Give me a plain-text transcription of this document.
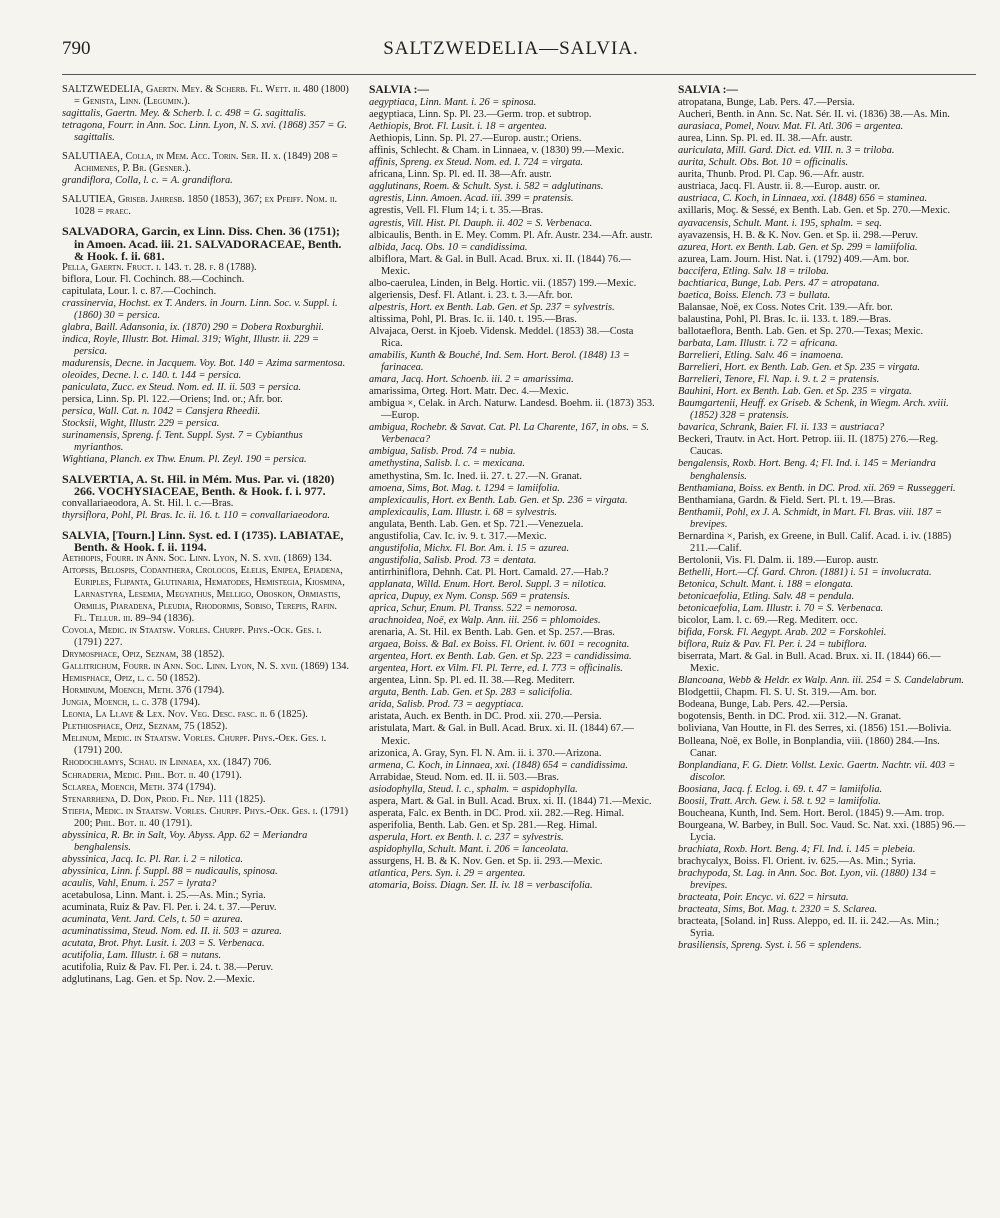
790	SALTZWEDELIA—SALVIA.
SALTZWEDELIA, Gaertn. Mey. & Scherb. Fl. Wett. ii. 480 (1800) = Genista, Linn. (Legumin.).
sagittalis, Gaertn. Mey. & Scherb. l. c. 498 = G. sagittalis.
tetragona, Fourr. in Ann. Soc. Linn. Lyon, N. S. xvi. (1868) 357 = G. sagittalis.
SALUTIAEA, Colla, in Mem. Acc. Torin. Ser. II. x. (1849) 208 = Achimenes, P. Br. (Gesner.).
grandiflora, Colla, l. c. = A. grandiflora.
SALUTIEA, Griseb. Jahresb. 1850 (1853), 367; ex Pfeiff. Nom. ii. 1028 = praec.
SALVADORA, Garcin, ex Linn. Diss. Chen. 36 (1751); in Amoen. Acad. iii. 21. SALVADORACEAE, Benth. & Hook. f. ii. 681.
Pella, Gaertn. Fruct. i. 143. t. 28. f. 8 (1788).
biflora, Lour. Fl. Cochinch. 88.—Cochinch.
capitulata, Lour. l. c. 87.—Cochinch.
crassinervia, Hochst. ex T. Anders. in Journ. Linn. Soc. v. Suppl. i. (1860) 30 = persica.
glabra, Baill. Adansonia, ix. (1870) 290 = Dobera Roxburghii.
indica, Royle, Illustr. Bot. Himal. 319; Wight, Illustr. ii. 229 = persica.
madurensis, Decne. in Jacquem. Voy. Bot. 140 = Azima sarmentosa.
oleoides, Decne. l. c. 140. t. 144 = persica.
paniculata, Zucc. ex Steud. Nom. ed. II. ii. 503 = persica.
persica, Linn. Sp. Pl. 122.—Oriens; Ind. or.; Afr. bor.
persica, Wall. Cat. n. 1042 = Cansjera Rheedii.
Stocksii, Wight, Illustr. 229 = persica.
surinamensis, Spreng. f. Tent. Suppl. Syst. 7 = Cybianthus myrianthos.
Wightiana, Planch. ex Thw. Enum. Pl. Zeyl. 190 = persica.
SALVERTIA, A. St. Hil. in Mém. Mus. Par. vi. (1820) 266. VOCHYSIACEAE, Benth. & Hook. f. i. 977.
convallariaeodora, A. St. Hil. l. c.—Bras.
thyrsiflora, Pohl, Pl. Bras. Ic. ii. 16. t. 110 = convallariaeodora.
SALVIA, [Tourn.] Linn. Syst. ed. I (1735). LABIATAE, Benth. & Hook. f. ii. 1194.
Aethiopis, Fourr. in Ann. Soc. Linn. Lyon, N. S. xvii. (1869) 134.
Aitopsis, Belospis, Codanthera, Crolocos, Elelis, Enipea, Epiadena, Euriples, Flipanta, Glutinaria, Hematodes, Hemistegia, Kiosmina, Larnastyra, Lesemia, Megyathus, Melligo, Oboskon, Ormiastis, Ormilis, Piaradena, Pleudia, Rhodormis, Sobiso, Terepis, Rafin. Fl. Tellur. iii. 89–94 (1836).
Covola, Medic. in Staatsw. Vorles. Churpf. Phys.-Ock. Ges. i. (1791) 227.
Drymosphace, Opiz, Seznam, 38 (1852).
Gallitrichum, Fourr. in Ann. Soc. Linn. Lyon, N. S. xvii. (1869) 134.
Hemisphace, Opiz, l. c. 50 (1852).
Horminum, Moench, Meth. 376 (1794).
Jungia, Moench, l. c. 378 (1794).
Leonia, La Llave & Lex. Nov. Veg. Desc. fasc. ii. 6 (1825).
Plethiosphace, Opiz, Seznam, 75 (1852).
Melinum, Medic. in Staatsw. Vorles. Churpf. Phys.-Oek. Ges. i. (1791) 200.
Rhodochlamys, Schau. in Linnaea, xx. (1847) 706.
Schraderia, Medic. Phil. Bot. ii. 40 (1791).
Sclarea, Moench, Meth. 374 (1794).
Stenarrhena, D. Don, Prod. Fl. Nep. 111 (1825).
Stiefia, Medic. in Staatsw. Vorles. Churpf. Phys.-Oek. Ges. i. (1791) 200; Phil. Bot. ii. 40 (1791).
abyssinica, R. Br. in Salt, Voy. Abyss. App. 62 = Meriandra benghalensis.
abyssinica, Jacq. Ic. Pl. Rar. i. 2 = nilotica.
abyssinica, Linn. f. Suppl. 88 = nudicaulis, spinosa.
acaulis, Vahl, Enum. i. 257 = lyrata?
acetabulosa, Linn. Mant. i. 25.—As. Min.; Syria.
acuminata, Ruiz & Pav. Fl. Per. i. 24. t. 37.—Peruv.
acuminata, Vent. Jard. Cels, t. 50 = azurea.
acuminatissima, Steud. Nom. ed. II. ii. 503 = azurea.
acutata, Brot. Phyt. Lusit. i. 203 = S. Verbenaca.
acutifolia, Lam. Illustr. i. 68 = nutans.
acutifolia, Ruiz & Pav. Fl. Per. i. 24. t. 38.—Peruv.
adglutinans, Lag. Gen. et Sp. Nov. 2.—Mexic.
SALVIA :—
aegyptiaca, Linn. Mant. i. 26 = spinosa.
aegyptiaca, Linn. Sp. Pl. 23.—Germ. trop. et subtrop.
Aethiopis, Brot. Fl. Lusit. i. 18 = argentea.
Aethiopis, Linn. Sp. Pl. 27.—Europ. austr.; Oriens.
affinis, Schlecht. & Cham. in Linnaea, v. (1830) 99.—Mexic.
affinis, Spreng. ex Steud. Nom. ed. I. 724 = virgata.
africana, Linn. Sp. Pl. ed. II. 38—Afr. austr.
agglutinans, Roem. & Schult. Syst. i. 582 = adglutinans.
agrestis, Linn. Amoen. Acad. iii. 399 = pratensis.
agrestis, Vell. Fl. Flum 14; i. t. 35.—Bras.
agrestis, Vill. Hist. Pl. Dauph. ii. 402 = S. Verbenaca.
albicaulis, Benth. in E. Mey. Comm. Pl. Afr. Austr. 234.—Afr. austr.
albida, Jacq. Obs. 10 = candidissima.
albiflora, Mart. & Gal. in Bull. Acad. Brux. xi. II. (1844) 76.—Mexic.
albo-caerulea, Linden, in Belg. Hortic. vii. (1857) 199.—Mexic.
algeriensis, Desf. Fl. Atlant. i. 23. t. 3.—Afr. bor.
alpestris, Hort. ex Benth. Lab. Gen. et Sp. 237 = sylvestris.
altissima, Pohl, Pl. Bras. Ic. ii. 140. t. 195.—Bras.
Alvajaca, Oerst. in Kjoeb. Vidensk. Meddel. (1853) 38.—Costa Rica.
amabilis, Kunth & Bouché, Ind. Sem. Hort. Berol. (1848) 13 = farinacea.
amara, Jacq. Hort. Schoenb. iii. 2 = amarissima.
amarissima, Orteg. Hort. Matr. Dec. 4.—Mexic.
ambigua ×, Celak. in Arch. Naturw. Landesd. Boehm. ii. (1873) 353.—Europ.
ambigua, Rochebr. & Savat. Cat. Pl. La Charente, 167, in obs. = S. Verbenaca?
ambigua, Salisb. Prod. 74 = nubia.
amethystina, Salisb. l. c. = mexicana.
amethystina, Sm. Ic. Ined. ii. 27. t. 27.—N. Granat.
amoena, Sims, Bot. Mag. t. 1294 = lamiifolia.
amplexicaulis, Hort. ex Benth. Lab. Gen. et Sp. 236 = virgata.
amplexicaulis, Lam. Illustr. i. 68 = sylvestris.
angulata, Benth. Lab. Gen. et Sp. 721.—Venezuela.
angustifolia, Cav. Ic. iv. 9. t. 317.—Mexic.
angustifolia, Michx. Fl. Bor. Am. i. 15 = azurea.
angustifolia, Salisb. Prod. 73 = dentata.
antirrhiniflora, Dehnh. Cat. Pl. Hort. Camald. 27.—Hab.?
applanata, Willd. Enum. Hort. Berol. Suppl. 3 = nilotica.
aprica, Dupuy, ex Nym. Consp. 569 = pratensis.
aprica, Schur, Enum. Pl. Transs. 522 = nemorosa.
arachnoidea, Noë, ex Walp. Ann. iii. 256 = phlomoides.
arenaria, A. St. Hil. ex Benth. Lab. Gen. et Sp. 257.—Bras.
argaea, Boiss. & Bal. ex Boiss. Fl. Orient. iv. 601 = recognita.
argentea, Hort. ex Benth. Lab. Gen. et Sp. 223 = candidissima.
argentea, Hort. ex Vilm. Fl. Pl. Terre, ed. I. 773 = officinalis.
argentea, Linn. Sp. Pl. ed. II. 38.—Reg. Mediterr.
arguta, Benth. Lab. Gen. et Sp. 283 = salicifolia.
arida, Salisb. Prod. 73 = aegyptiaca.
aristata, Auch. ex Benth. in DC. Prod. xii. 270.—Persia.
aristulata, Mart. & Gal. in Bull. Acad. Brux. xi. II. (1844) 67.—Mexic.
arizonica, A. Gray, Syn. Fl. N. Am. ii. i. 370.—Arizona.
armena, C. Koch, in Linnaea, xxi. (1848) 654 = candidissima.
Arrabidae, Steud. Nom. ed. II. ii. 503.—Bras.
asiodophylla, Steud. l. c., sphalm. = aspidophylla.
aspera, Mart. & Gal. in Bull. Acad. Brux. xi. II. (1844) 71.—Mexic.
asperata, Falc. ex Benth. in DC. Prod. xii. 282.—Reg. Himal.
asperifolia, Benth. Lab. Gen. et Sp. 281.—Reg. Himal.
asperula, Hort. ex Benth. l. c. 237 = sylvestris.
aspidophylla, Schult. Mant. i. 206 = lanceolata.
assurgens, H. B. & K. Nov. Gen. et Sp. ii. 293.—Mexic.
atlantica, Pers. Syn. i. 29 = argentea.
atomaria, Boiss. Diagn. Ser. II. iv. 18 = verbascifolia.
SALVIA :—
atropatana, Bunge, Lab. Pers. 47.—Persia.
Aucheri, Benth. in Ann. Sc. Nat. Sér. II. vi. (1836) 38.—As. Min.
aurasiaca, Pomel, Nouv. Mat. Fl. Atl. 306 = argentea.
aurea, Linn. Sp. Pl. ed. II. 38.—Afr. austr.
auriculata, Mill. Gard. Dict. ed. VIII. n. 3 = triloba.
aurita, Schult. Obs. Bot. 10 = officinalis.
aurita, Thunb. Prod. Pl. Cap. 96.—Afr. austr.
austriaca, Jacq. Fl. Austr. ii. 8.—Europ. austr. or.
austriaca, C. Koch, in Linnaea, xxi. (1848) 656 = staminea.
axillaris, Moç. & Sessé, ex Benth. Lab. Gen. et Sp. 270.—Mexic.
ayavacensis, Schult. Mant. i. 195, sphalm. = seq.
ayavazensis, H. B. & K. Nov. Gen. et Sp. ii. 298.—Peruv.
azurea, Hort. ex Benth. Lab. Gen. et Sp. 299 = lamiifolia.
azurea, Lam. Journ. Hist. Nat. i. (1792) 409.—Am. bor.
baccifera, Etling. Salv. 18 = triloba.
bachtiarica, Bunge, Lab. Pers. 47 = atropatana.
baetica, Boiss. Elench. 73 = bullata.
Balansae, Noë, ex Coss. Notes Crit. 139.—Afr. bor.
balaustina, Pohl, Pl. Bras. Ic. ii. 133. t. 189.—Bras.
ballotaeflora, Benth. Lab. Gen. et Sp. 270.—Texas; Mexic.
barbata, Lam. Illustr. i. 72 = africana.
Barrelieri, Etling. Salv. 46 = inamoena.
Barrelieri, Hort. ex Benth. Lab. Gen. et Sp. 235 = virgata.
Barrelieri, Tenore, Fl. Nap. i. 9. t. 2 = pratensis.
Bauhini, Hort. ex Benth. Lab. Gen. et Sp. 235 = virgata.
Baumgartenii, Heuff. ex Griseb. & Schenk, in Wiegm. Arch. xviii. (1852) 328 = pratensis.
bavarica, Schrank, Baier. Fl. ii. 133 = austriaca?
Beckeri, Trautv. in Act. Hort. Petrop. iii. II. (1875) 276.—Reg. Caucas.
bengalensis, Roxb. Hort. Beng. 4; Fl. Ind. i. 145 = Meriandra benghalensis.
Benthamiana, Boiss. ex Benth. in DC. Prod. xii. 269 = Russeggeri.
Benthamiana, Gardn. & Field. Sert. Pl. t. 19.—Bras.
Benthamii, Pohl, ex J. A. Schmidt, in Mart. Fl. Bras. viii. 187 = brevipes.
Bernardina ×, Parish, ex Greene, in Bull. Calif. Acad. i. iv. (1885) 211.—Calif.
Bertolonii, Vis. Fl. Dalm. ii. 189.—Europ. austr.
Bethelli, Hort.—Cf. Gard. Chron. (1881) i. 51 = involucrata.
Betonica, Schult. Mant. i. 188 = elongata.
betonicaefolia, Etling. Salv. 48 = pendula.
betonicaefolia, Lam. Illustr. i. 70 = S. Verbenaca.
bicolor, Lam. l. c. 69.—Reg. Mediterr. occ.
bifida, Forsk. Fl. Aegypt. Arab. 202 = Forskohlei.
biflora, Ruiz & Pav. Fl. Per. i. 24 = tubiflora.
biserrata, Mart. & Gal. in Bull. Acad. Brux. xi. II. (1844) 66.—Mexic.
Blancoana, Webb & Heldr. ex Walp. Ann. iii. 254 = S. Candelabrum.
Blodgettii, Chapm. Fl. S. U. St. 319.—Am. bor.
Bodeana, Bunge, Lab. Pers. 42.—Persia.
bogotensis, Benth. in DC. Prod. xii. 312.—N. Granat.
boliviana, Van Houtte, in Fl. des Serres, xi. (1856) 151.—Bolivia.
Bolleana, Noë, ex Bolle, in Bonplandia, viii. (1860) 284.—Ins. Canar.
Bonplandiana, F. G. Dietr. Vollst. Lexic. Gaertn. Nachtr. vii. 403 = discolor.
Boosiana, Jacq. f. Eclog. i. 69. t. 47 = lamiifolia.
Boosii, Tratt. Arch. Gew. i. 58. t. 92 = lamiifolia.
Boucheana, Kunth, Ind. Sem. Hort. Berol. (1845) 9.—Am. trop.
Bourgeana, W. Barbey, in Bull. Soc. Vaud. Sc. Nat. xxi. (1885) 96.—Lycia.
brachiata, Roxb. Hort. Beng. 4; Fl. Ind. i. 145 = plebeia.
brachycalyx, Boiss. Fl. Orient. iv. 625.—As. Min.; Syria.
brachypoda, St. Lag. in Ann. Soc. Bot. Lyon, vii. (1880) 134 = brevipes.
bracteata, Poir. Encyc. vi. 622 = hirsuta.
bracteata, Sims, Bot. Mag. t. 2320 = S. Sclarea.
bracteata, [Soland. in] Russ. Aleppo, ed. II. ii. 242.—As. Min.; Syria.
brasiliensis, Spreng. Syst. i. 56 = splendens.
